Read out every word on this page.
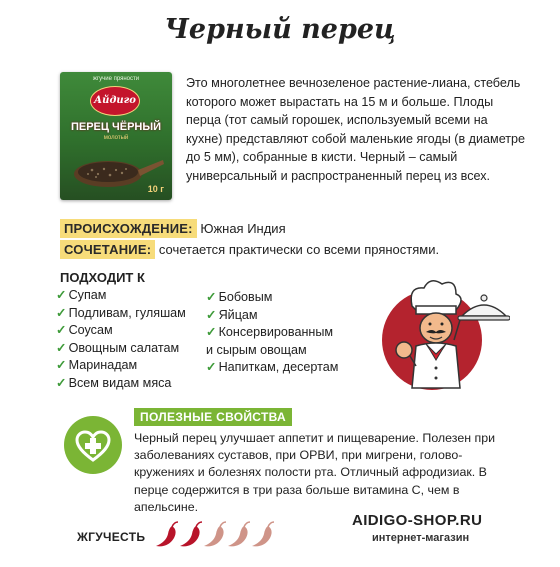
Черный перец
жгучие пряности
Айдиго
ПЕРЕЦ ЧЁРНЫЙ
молотый
10 г

Это многолетнее вечнозеленое растение-лиана, стебель которого может вырастать на 15 м и больше. Плоды перца (тот самый горошек, используемый всеми на кухне) представляют собой маленькие ягоды (в диаметре до 5 мм), собранные в кисти. Черный – самый универсальный и распространенный перец из всех.

ПРОИСХОЖДЕНИЕ: Южная Индия
СОЧЕТАНИЕ: сочетается практически со всеми пряностями.
ПОДХОДИТ К
✓ Супам
✓ Подливам, гуляшам
✓ Соусам
✓ Овощным салатам
✓ Маринадам
✓ Всем видам мяса
✓ Бобовым
✓ Яйцам
✓ Консервированным
и сырым овощам
✓ Напиткам, десертам
ПОЛЕЗНЫЕ СВОЙСТВА

Черный перец улучшает аппетит и пищеварение. Полезен при заболеваниях суставов, при ОРВИ, при мигрени, голово-кружениях и болезнях полости рта. Отличный афродизиак. В перце содержится в три раза больше витамина С, чем в апельсине.

ЖГУЧЕСТЬ
AIDIGO-SHOP.RU
интернет-магазин
